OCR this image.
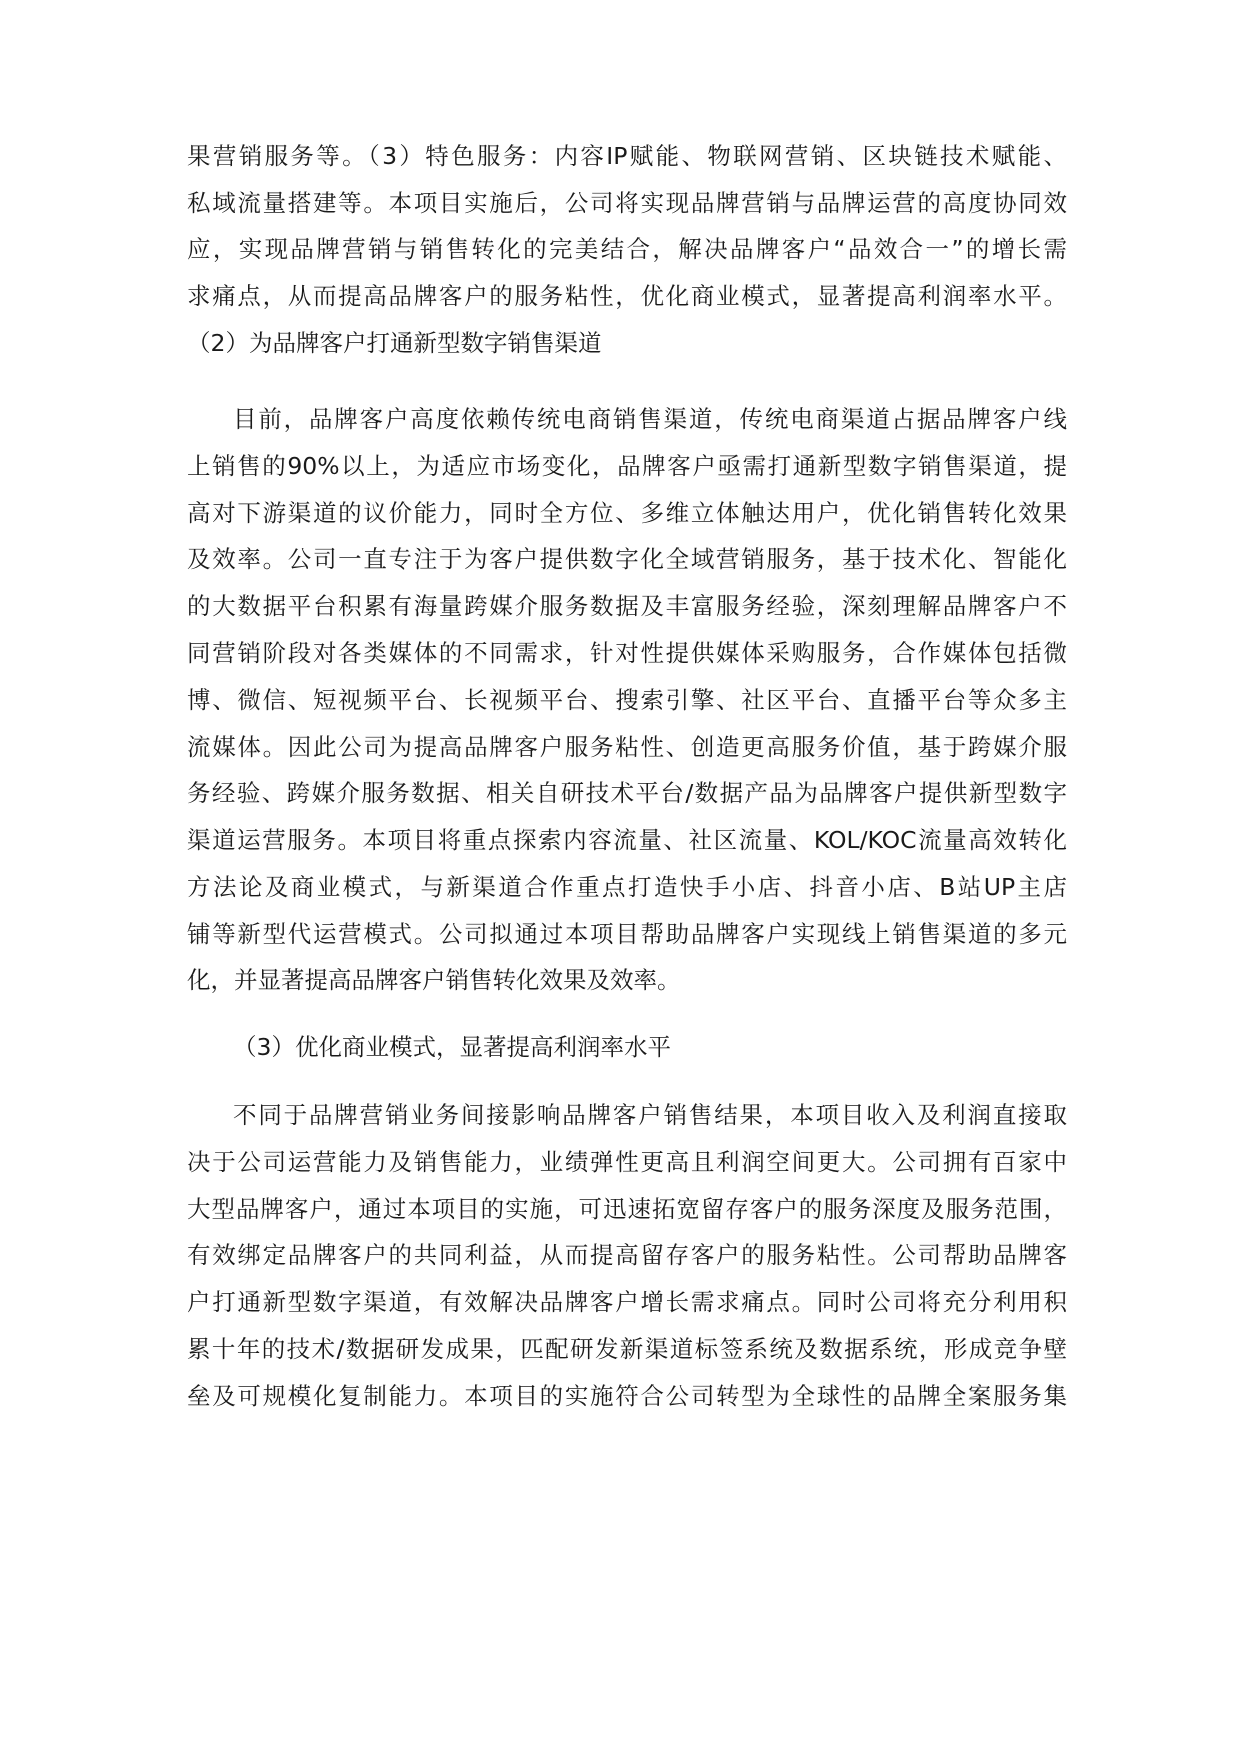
果营销服务等。（3）特色服务：内容IP赋能、物联网营销、区块链技术赋能、
私域流量搭建等。本项目实施后，公司将实现品牌营销与品牌运营的高度协同效
应，实现品牌营销与销售转化的完美结合，解决品牌客户“品效合一”的增长需
求痛点，从而提高品牌客户的服务粘性，优化商业模式，显著提高利润率水平。
（2）为品牌客户打通新型数字销售渠道
目前，品牌客户高度依赖传统电商销售渠道，传统电商渠道占据品牌客户线
上销售的90%以上，为适应市场变化，品牌客户亟需打通新型数字销售渠道，提
高对下游渠道的议价能力，同时全方位、多维立体触达用户，优化销售转化效果
及效率。公司一直专注于为客户提供数字化全域营销服务，基于技术化、智能化
的大数据平台积累有海量跨媒介服务数据及丰富服务经验，深刻理解品牌客户不
同营销阶段对各类媒体的不同需求，针对性提供媒体采购服务，合作媒体包括微
博、微信、短视频平台、长视频平台、搜索引擎、社区平台、直播平台等众多主
流媒体。因此公司为提高品牌客户服务粘性、创造更高服务价值，基于跨媒介服
务经验、跨媒介服务数据、相关自研技术平台/数据产品为品牌客户提供新型数字
渠道运营服务。本项目将重点探索内容流量、社区流量、KOL/KOC流量高效转化
方法论及商业模式，与新渠道合作重点打造快手小店、抖音小店、B站UP主店
铺等新型代运营模式。公司拟通过本项目帮助品牌客户实现线上销售渠道的多元
化，并显著提高品牌客户销售转化效果及效率。
（3）优化商业模式，显著提高利润率水平
不同于品牌营销业务间接影响品牌客户销售结果，本项目收入及利润直接取
决于公司运营能力及销售能力，业绩弹性更高且利润空间更大。公司拥有百家中
大型品牌客户，通过本项目的实施，可迅速拓宽留存客户的服务深度及服务范围，
有效绑定品牌客户的共同利益，从而提高留存客户的服务粘性。公司帮助品牌客
户打通新型数字渠道，有效解决品牌客户增长需求痛点。同时公司将充分利用积
累十年的技术/数据研发成果，匹配研发新渠道标签系统及数据系统，形成竞争壁
垒及可规模化复制能力。本项目的实施符合公司转型为全球性的品牌全案服务集
